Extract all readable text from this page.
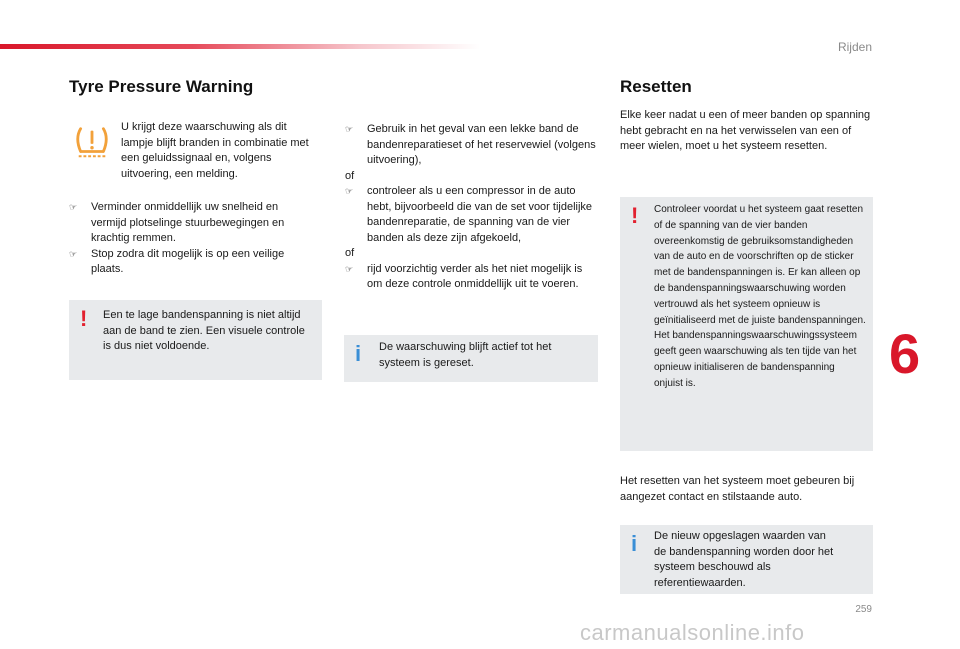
Rijden
6
259
carmanualsonline.info
Tyre Pressure Warning

U krijgt deze waarschuwing als dit lampje blijft branden in combinatie met een geluidssignaal en, volgens uitvoering, een melding.

☞	Verminder onmiddellijk uw snelheid en vermijd plotselinge stuurbewegingen en krachtig remmen.
☞	Stop zodra dit mogelijk is op een veilige plaats.
! Een te lage bandenspanning is niet altijd aan de band te zien. Een visuele controle is dus niet voldoende.

☞	Gebruik in het geval van een lekke band de bandenreparatieset of het reservewiel (volgens uitvoering),

of

☞	controleer als u een compressor in de auto hebt, bijvoorbeeld die van de set voor tijdelijke bandenreparatie, de spanning van de vier banden als deze zijn afgekoeld,

of

☞	rijd voorzichtig verder als het niet mogelijk is om deze controle onmiddellijk uit te voeren.
i De waarschuwing blijft actief tot het systeem is gereset.

Resetten

Elke keer nadat u een of meer banden op spanning hebt gebracht en na het verwisselen van een of meer wielen, moet u het systeem resetten.

! Controleer voordat u het systeem gaat resetten of de spanning van de vier banden overeenkomstig de gebruiksomstandigheden van de auto en de voorschriften op de sticker met de bandenspanningen is. Er kan alleen op de bandenspanningswaarschuwing worden vertrouwd als het systeem opnieuw is geïnitialiseerd met de juiste bandenspanningen. Het bandenspanningswaarschuwingssysteem geeft geen waarschuwing als ten tijde van het opnieuw initialiseren de bandenspanning onjuist is.

Het resetten van het systeem moet gebeuren bij aangezet contact en stilstaande auto.

i De nieuw opgeslagen waarden van de bandenspanning worden door het systeem beschouwd als referentiewaarden.
